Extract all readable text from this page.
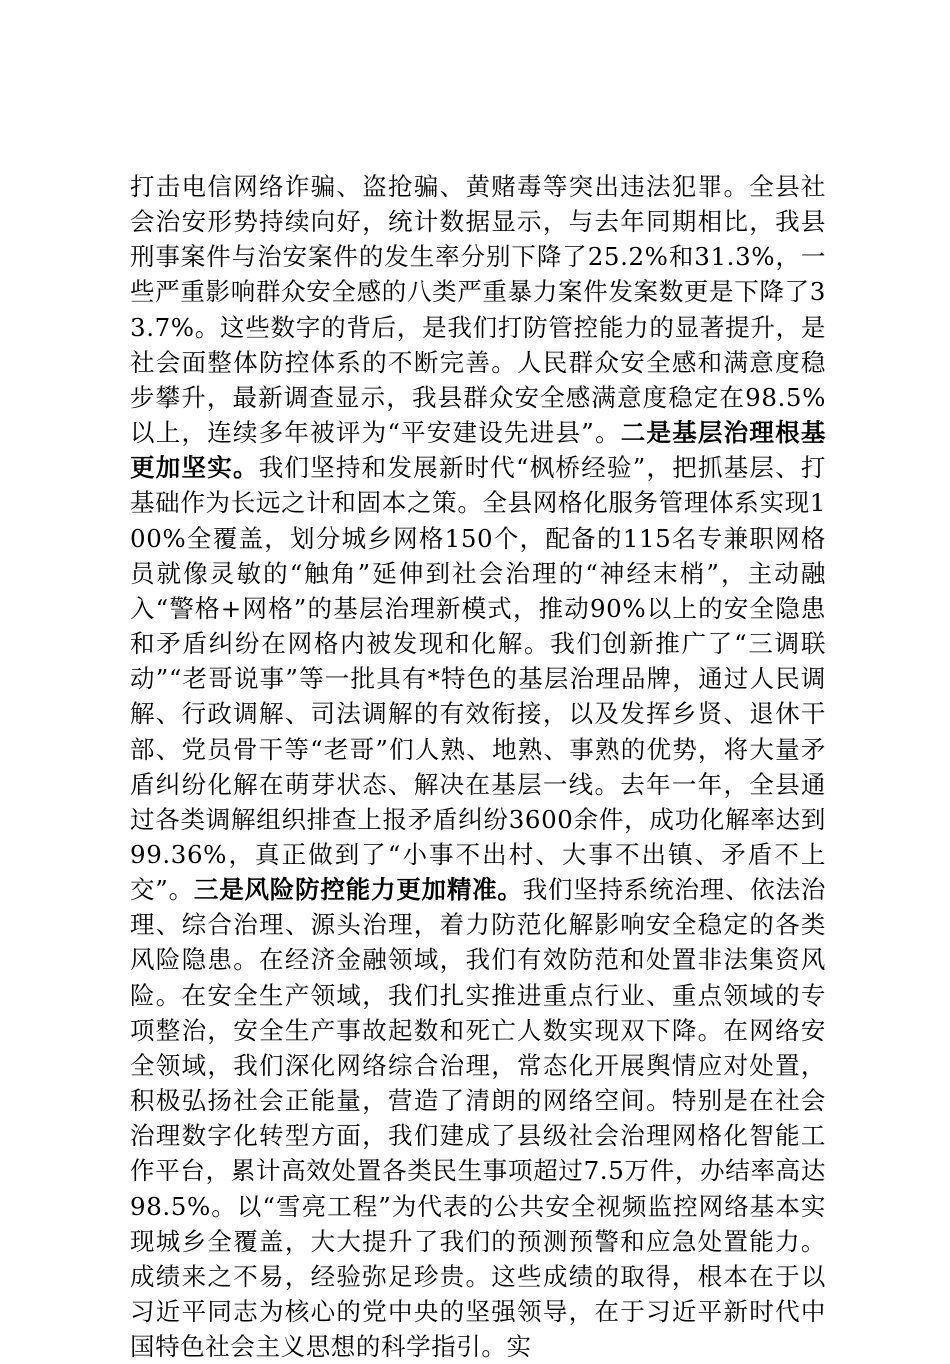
打击电信网络诈骗、盗抢骗、黄赌毒等突出违法犯罪。全县社会治安形势持续向好，统计数据显示，与去年同期相比，我县刑事案件与治安案件的发生率分别下降了25.2%和31.3%，一些严重影响群众安全感的八类严重暴力案件发案数更是下降了33.7%。这些数字的背后，是我们打防管控能力的显著提升，是社会面整体防控体系的不断完善。人民群众安全感和满意度稳步攀升，最新调查显示，我县群众安全感满意度稳定在98.5%以上，连续多年被评为“平安建设先进县”。二是基层治理根基更加坚实。我们坚持和发展新时代“枫桥经验”，把抓基层、打基础作为长远之计和固本之策。全县网格化服务管理体系实现100%全覆盖，划分城乡网格150个，配备的115名专兼职网格员就像灵敏的“触角”延伸到社会治理的“神经末梢”，主动融入“警格+网格”的基层治理新模式，推动90%以上的安全隐患和矛盾纠纷在网格内被发现和化解。我们创新推广了“三调联动”“老哥说事”等一批具有*特色的基层治理品牌，通过人民调解、行政调解、司法调解的有效衔接，以及发挥乡贤、退休干部、党员骨干等“老哥”们人熟、地熟、事熟的优势，将大量矛盾纠纷化解在萌芽状态、解决在基层一线。去年一年，全县通过各类调解组织排查上报矛盾纠纷3600余件，成功化解率达到99.36%，真正做到了“小事不出村、大事不出镇、矛盾不上交”。三是风险防控能力更加精准。我们坚持系统治理、依法治理、综合治理、源头治理，着力防范化解影响安全稳定的各类风险隐患。在经济金融领域，我们有效防范和处置非法集资风险。在安全生产领域，我们扎实推进重点行业、重点领域的专项整治，安全生产事故起数和死亡人数实现双下降。在网络安全领域，我们深化网络综合治理，常态化开展舆情应对处置，积极弘扬社会正能量，营造了清朗的网络空间。特别是在社会治理数字化转型方面，我们建成了县级社会治理网格化智能工作平台，累计高效处置各类民生事项超过7.5万件，办结率高达98.5%。以“雪亮工程”为代表的公共安全视频监控网络基本实现城乡全覆盖，大大提升了我们的预测预警和应急处置能力。成绩来之不易，经验弥足珍贵。这些成绩的取得，根本在于以习近平同志为核心的党中央的坚强领导，在于习近平新时代中国特色社会主义思想的科学指引。实
